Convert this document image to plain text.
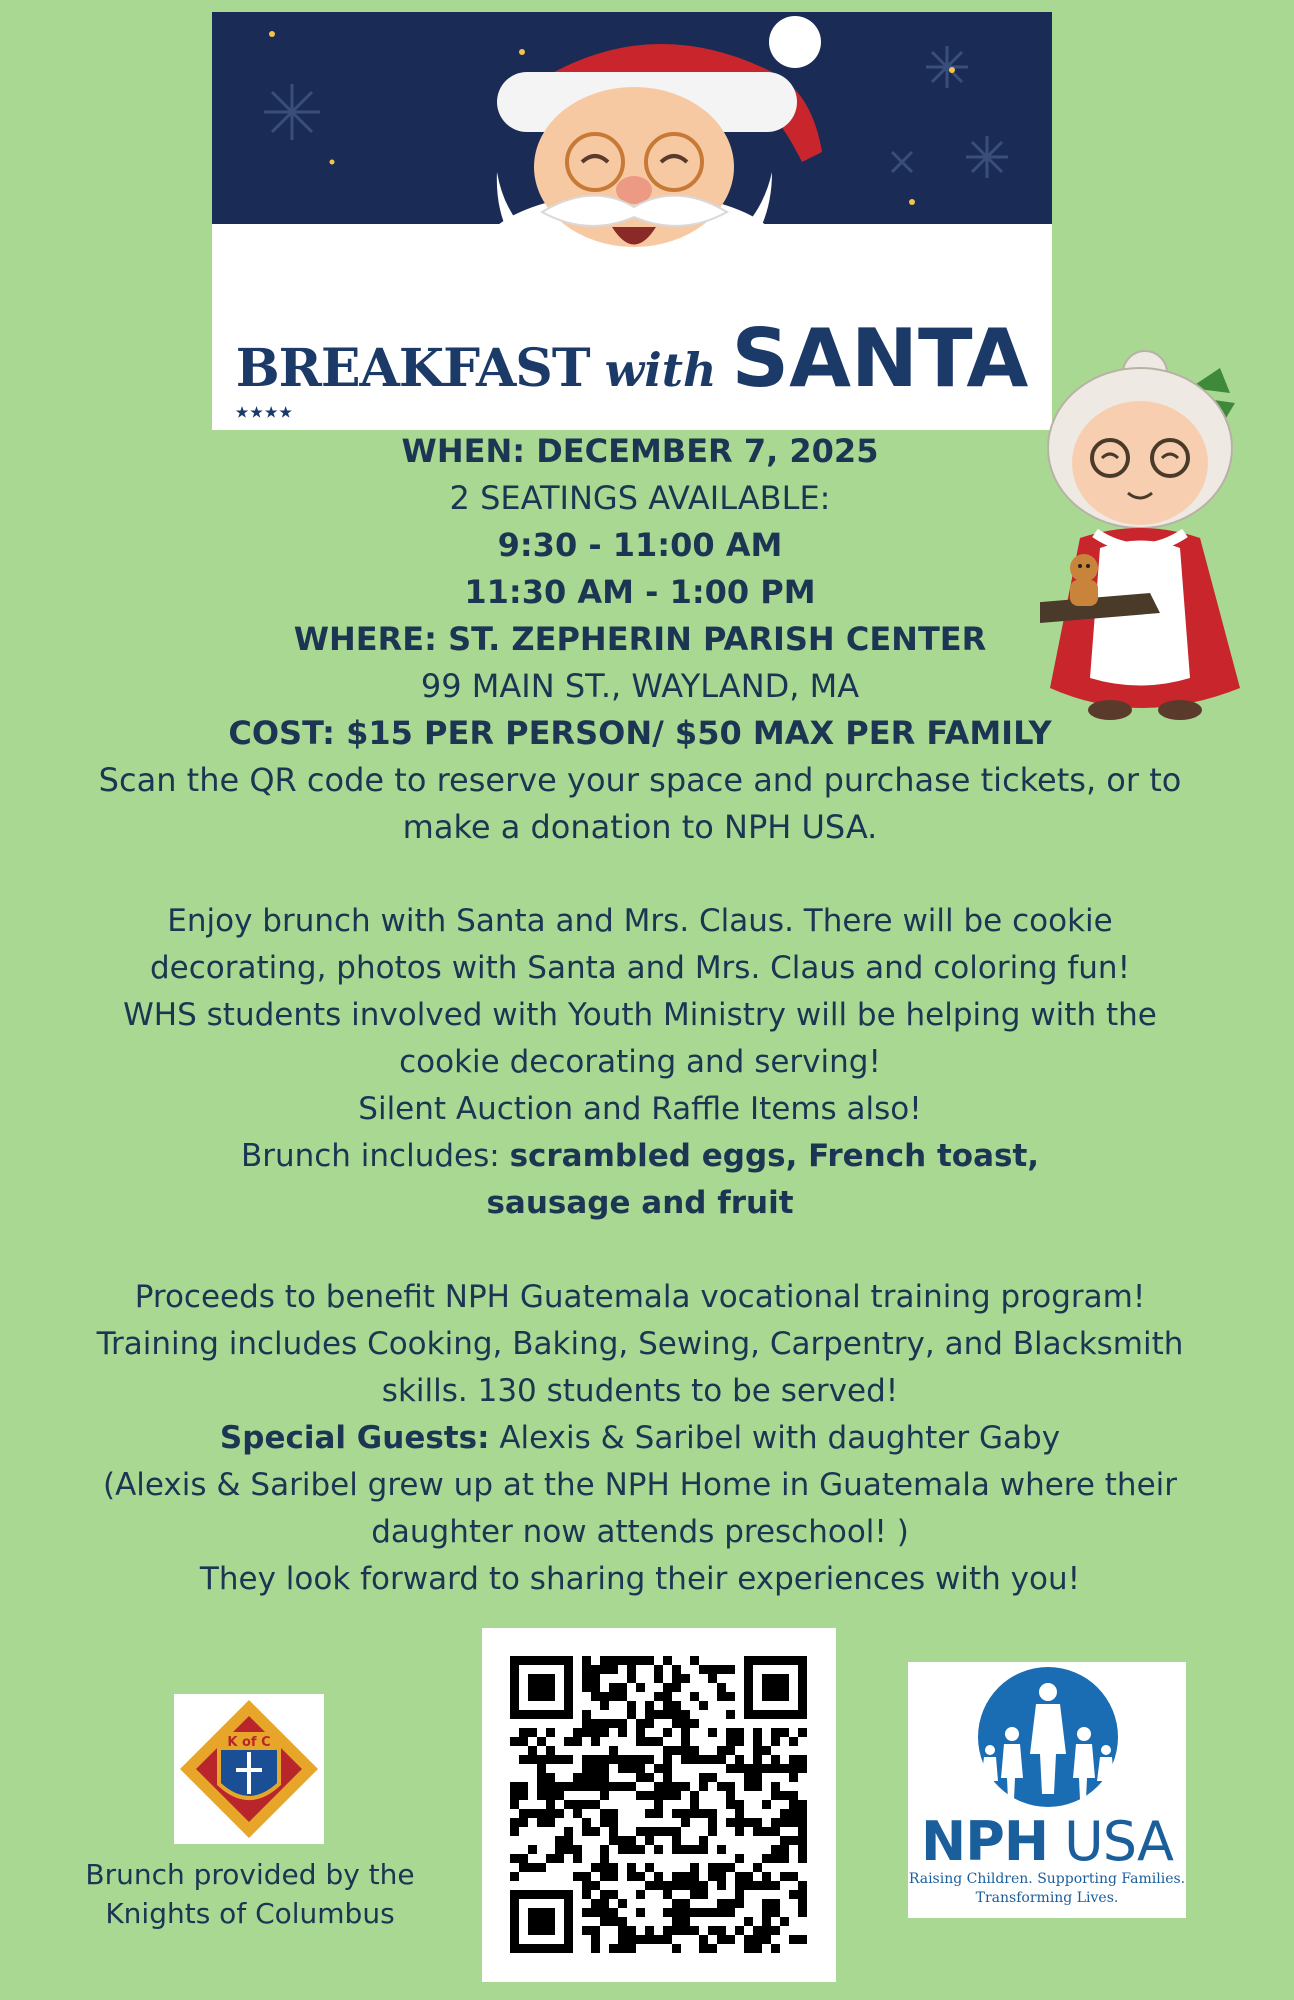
BREAKFAST ★★★★ with SANTA
WHEN: DECEMBER 7, 2025
2 SEATINGS AVAILABLE:
9:30 - 11:00 AM
11:30 AM - 1:00 PM
WHERE: ST. ZEPHERIN PARISH CENTER
99 MAIN ST., WAYLAND, MA
COST: $15 PER PERSON/ $50 MAX PER FAMILY
Scan the QR code to reserve your space and purchase tickets, or to
make a donation to NPH USA.
Enjoy brunch with Santa and Mrs. Claus. There will be cookie
decorating, photos with Santa and Mrs. Claus and coloring fun!
WHS students involved with Youth Ministry will be helping with the
cookie decorating and serving!
Silent Auction and Raffle Items also!
Brunch includes: scrambled eggs, French toast,
sausage and fruit
Proceeds to benefit NPH Guatemala vocational training program!
Training includes Cooking, Baking, Sewing, Carpentry, and Blacksmith
skills. 130 students to be served!
Special Guests: Alexis & Saribel with daughter Gaby
(Alexis & Saribel grew up at the NPH Home in Guatemala where their
daughter now attends preschool! )
They look forward to sharing their experiences with you!
K of C
Brunch provided by the
Knights of Columbus
NPH USA
Raising Children. Supporting Families.
Transforming Lives.
